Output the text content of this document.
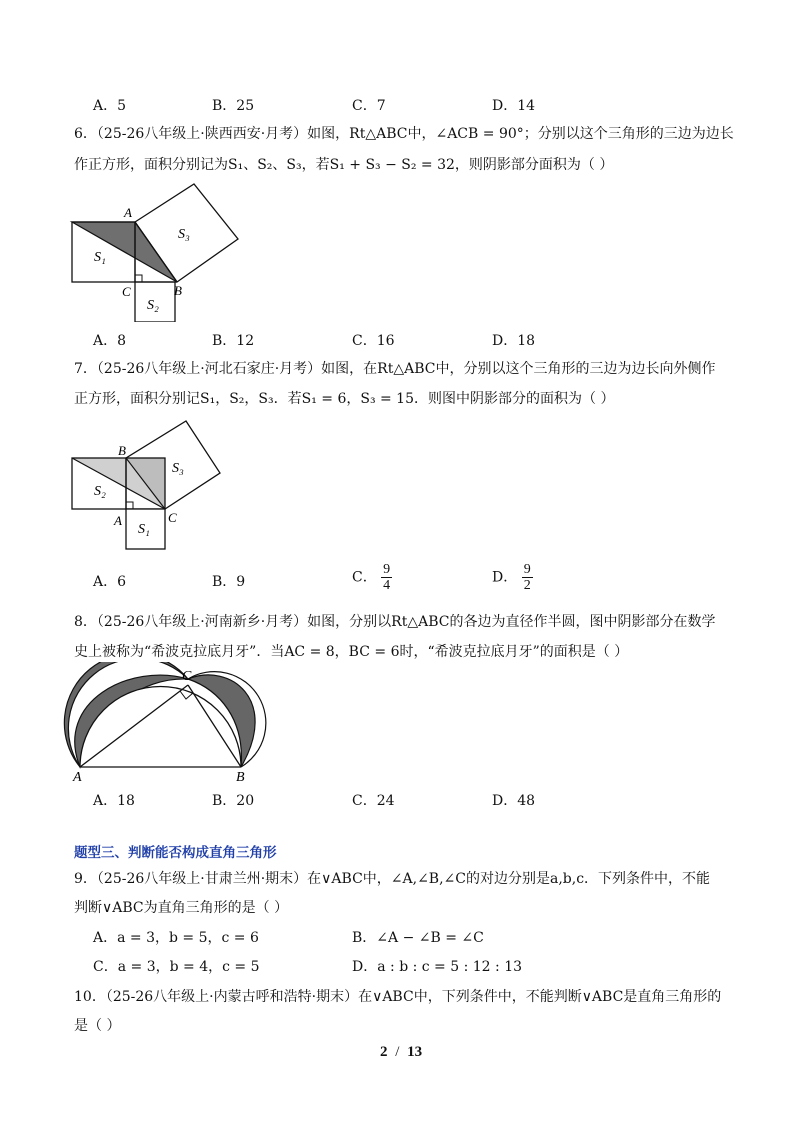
A．5	B．25	C．7	D．14
6．（25-26八年级上·陕西西安·月考）如图，Rt△ABC中，∠ACB = 90°；分别以这个三角形的三边为边长
作正方形，面积分别记为S₁、S₂、S₃，若S₁ + S₃ − S₂ = 32，则阴影部分面积为（ ）
A
B
C
S₁
S₂
S₃
A．8	B．12	C．16	D．18
7．（25-26八年级上·河北石家庄·月考）如图，在Rt△ABC中，分别以这个三角形的三边为边长向外侧作
正方形，面积分别记S₁，S₂，S₃．若S₁ = 6，S₃ = 15．则图中阴影部分的面积为（ ）
B
A	C
S₂
S₁
S₃
A．6	B．9	C． $\frac{9}{4}$	D． $\frac{9}{2}$
8．（25-26八年级上·河南新乡·月考）如图，分别以Rt△ABC的各边为直径作半圆，图中阴影部分在数学
史上被称为“希波克拉底月牙”．当AC = 8，BC = 6时，“希波克拉底月牙”的面积是（ ）
C
A	B
A．18	B．20	C．24	D．48
题型三、判断能否构成直角三角形
9．（25-26八年级上·甘肃兰州·期末）在∨ABC中，∠A,∠B,∠C的对边分别是a,b,c．下列条件中，不能
判断∨ABC为直角三角形的是（ ）
A．a = 3，b = 5，c = 6	B．∠A − ∠B = ∠C
C．a = 3，b = 4，c = 5	D．a : b : c = 5 : 12 : 13
10．（25-26八年级上·内蒙古呼和浩特·期末）在∨ABC中，下列条件中，不能判断∨ABC是直角三角形的
是（ ）
2 / 13
